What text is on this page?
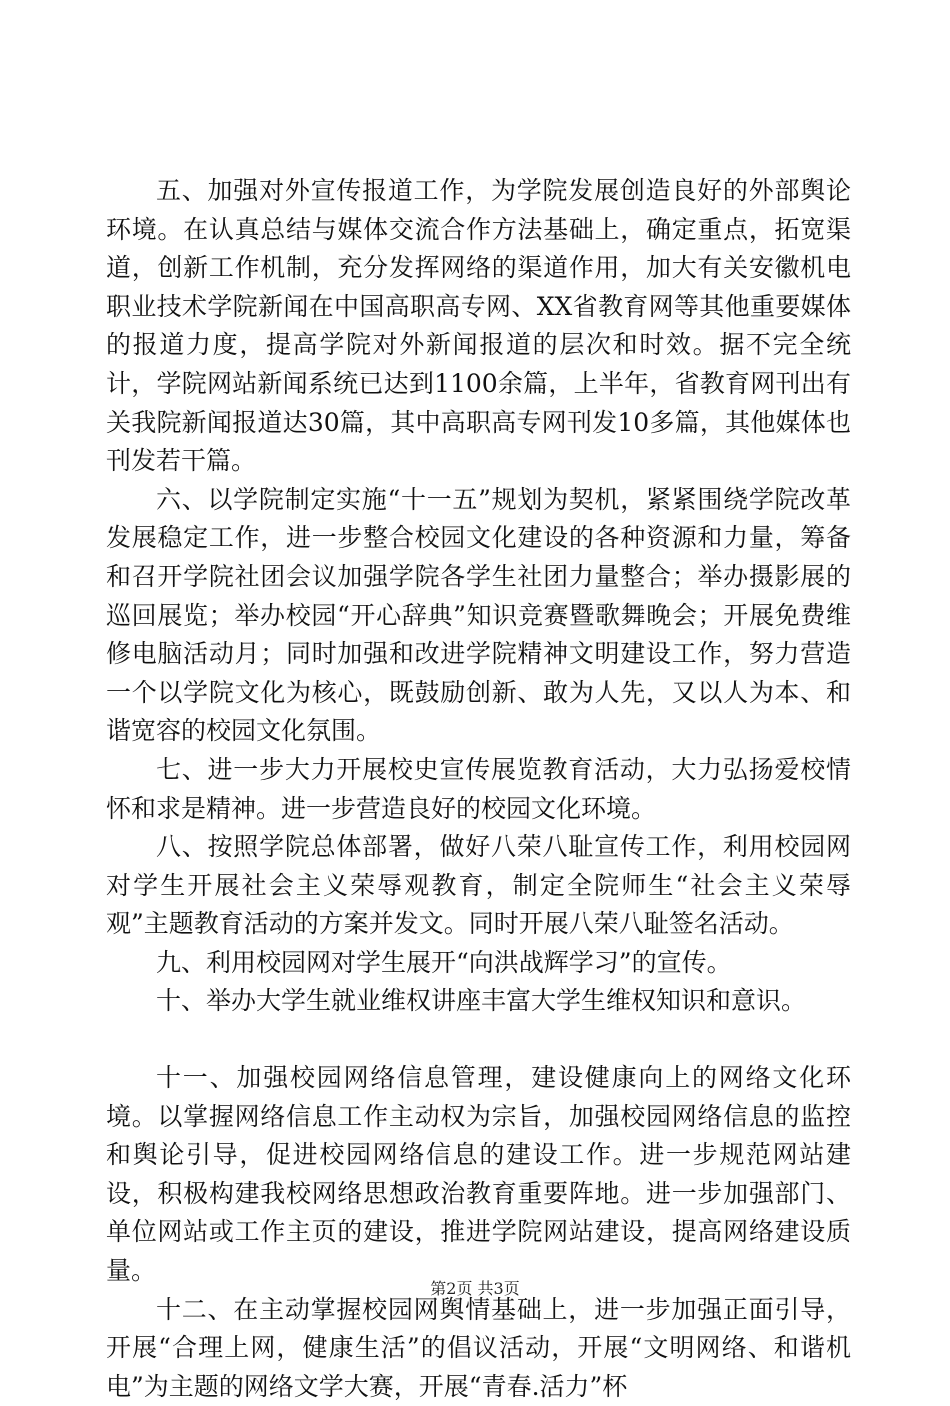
五、加强对外宣传报道工作，为学院发展创造良好的外部舆论环境。在认真总结与媒体交流合作方法基础上，确定重点，拓宽渠道，创新工作机制，充分发挥网络的渠道作用，加大有关安徽机电职业技术学院新闻在中国高职高专网、XX省教育网等其他重要媒体的报道力度，提高学院对外新闻报道的层次和时效。据不完全统计，学院网站新闻系统已达到1100余篇，上半年，省教育网刊出有关我院新闻报道达30篇，其中高职高专网刊发10多篇，其他媒体也刊发若干篇。

六、以学院制定实施“十一五”规划为契机，紧紧围绕学院改革发展稳定工作，进一步整合校园文化建设的各种资源和力量，筹备和召开学院社团会议加强学院各学生社团力量整合；举办摄影展的巡回展览；举办校园“开心辞典”知识竞赛暨歌舞晚会；开展免费维修电脑活动月；同时加强和改进学院精神文明建设工作，努力营造一个以学院文化为核心，既鼓励创新、敢为人先，又以人为本、和谐宽容的校园文化氛围。

七、进一步大力开展校史宣传展览教育活动，大力弘扬爱校情怀和求是精神。进一步营造良好的校园文化环境。

八、按照学院总体部署，做好八荣八耻宣传工作，利用校园网对学生开展社会主义荣辱观教育，制定全院师生“社会主义荣辱观”主题教育活动的方案并发文。同时开展八荣八耻签名活动。

九、利用校园网对学生展开“向洪战辉学习”的宣传。

十、举办大学生就业维权讲座丰富大学生维权知识和意识。

十一、加强校园网络信息管理，建设健康向上的网络文化环境。以掌握网络信息工作主动权为宗旨，加强校园网络信息的监控和舆论引导，促进校园网络信息的建设工作。进一步规范网站建设，积极构建我校网络思想政治教育重要阵地。进一步加强部门、单位网站或工作主页的建设，推进学院网站建设，提高网络建设质量。

十二、在主动掌握校园网舆情基础上，进一步加强正面引导，开展“合理上网，健康生活”的倡议活动，开展“文明网络、和谐机电”为主题的网络文学大赛，开展“青春.活力”杯

第2页 共3页
